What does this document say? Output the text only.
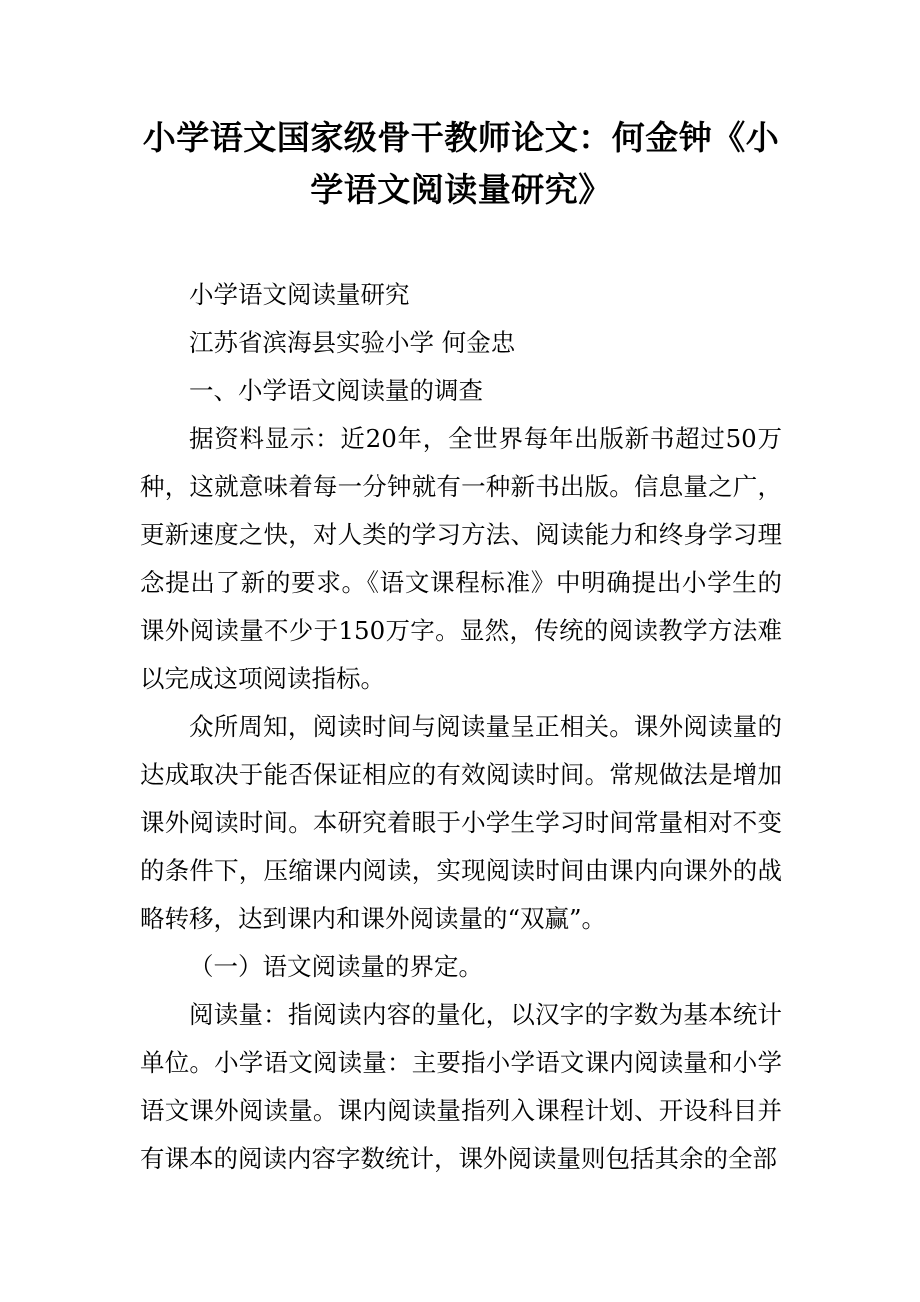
小学语文国家级骨干教师论文：何金钟《小学语文阅读量研究》

小学语文阅读量研究

江苏省滨海县实验小学 何金忠

一、小学语文阅读量的调查

据资料显示：近20年，全世界每年出版新书超过50万种，这就意味着每一分钟就有一种新书出版。信息量之广，更新速度之快，对人类的学习方法、阅读能力和终身学习理念提出了新的要求。《语文课程标准》中明确提出小学生的课外阅读量不少于150万字。显然，传统的阅读教学方法难以完成这项阅读指标。

众所周知，阅读时间与阅读量呈正相关。课外阅读量的达成取决于能否保证相应的有效阅读时间。常规做法是增加课外阅读时间。本研究着眼于小学生学习时间常量相对不变的条件下，压缩课内阅读，实现阅读时间由课内向课外的战略转移，达到课内和课外阅读量的“双赢”。

（一）语文阅读量的界定。

阅读量：指阅读内容的量化，以汉字的字数为基本统计单位。小学语文阅读量：主要指小学语文课内阅读量和小学语文课外阅读量。课内阅读量指列入课程计划、开设科目并有课本的阅读内容字数统计，课外阅读量则包括其余的全部
